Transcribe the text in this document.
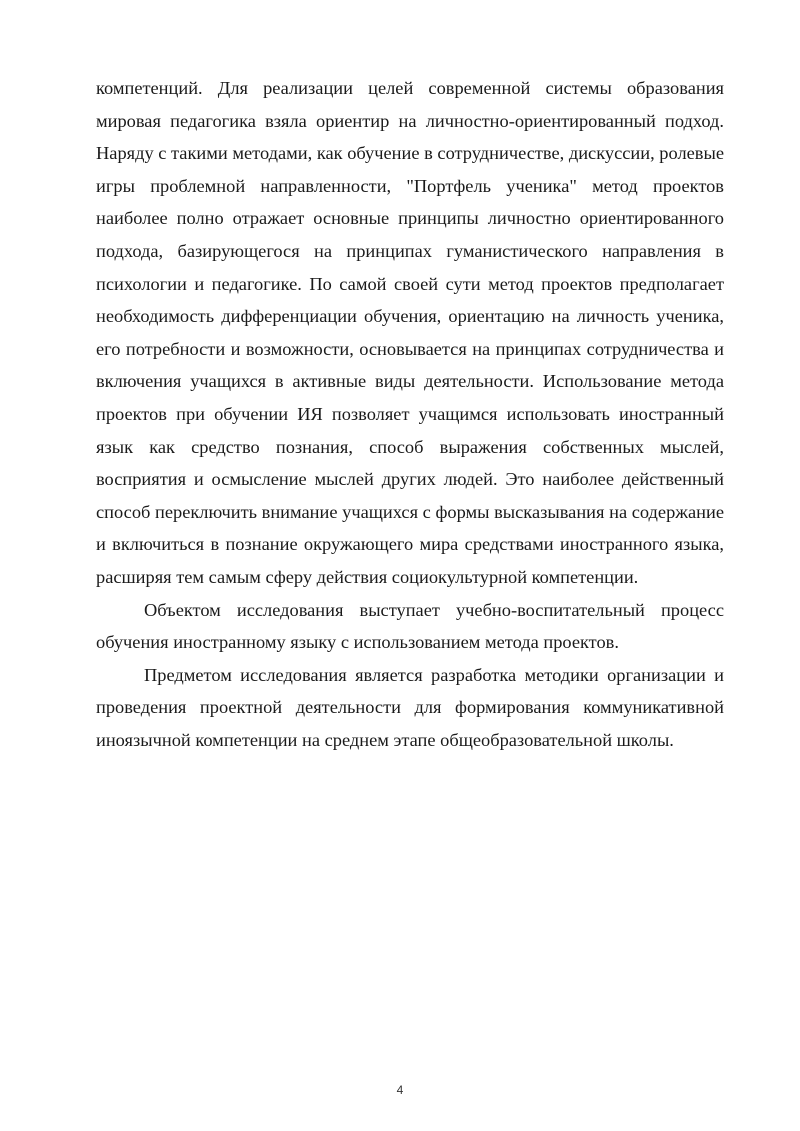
компетенций. Для реализации целей современной системы образования мировая педагогика взяла ориентир на личностно-ориентированный подход. Наряду с такими методами, как обучение в сотрудничестве, дискуссии, ролевые игры проблемной направленности, "Портфель ученика" метод проектов наиболее полно отражает основные принципы личностно ориентированного подхода, базирующегося на принципах гуманистического направления в психологии и педагогике. По самой своей сути метод проектов предполагает необходимость дифференциации обучения, ориентацию на личность ученика, его потребности и возможности, основывается на принципах сотрудничества и включения учащихся в активные виды деятельности. Использование метода проектов при обучении ИЯ позволяет учащимся использовать иностранный язык как средство познания, способ выражения собственных мыслей, восприятия и осмысление мыслей других людей. Это наиболее действенный способ переключить внимание учащихся с формы высказывания на содержание и включиться в познание окружающего мира средствами иностранного языка, расширяя тем самым сферу действия социокультурной компетенции.

Объектом исследования выступает учебно-воспитательный процесс обучения иностранному языку с использованием метода проектов.

Предметом исследования является разработка методики организации и проведения проектной деятельности для формирования коммуникативной иноязычной компетенции на среднем этапе общеобразовательной школы.

4
